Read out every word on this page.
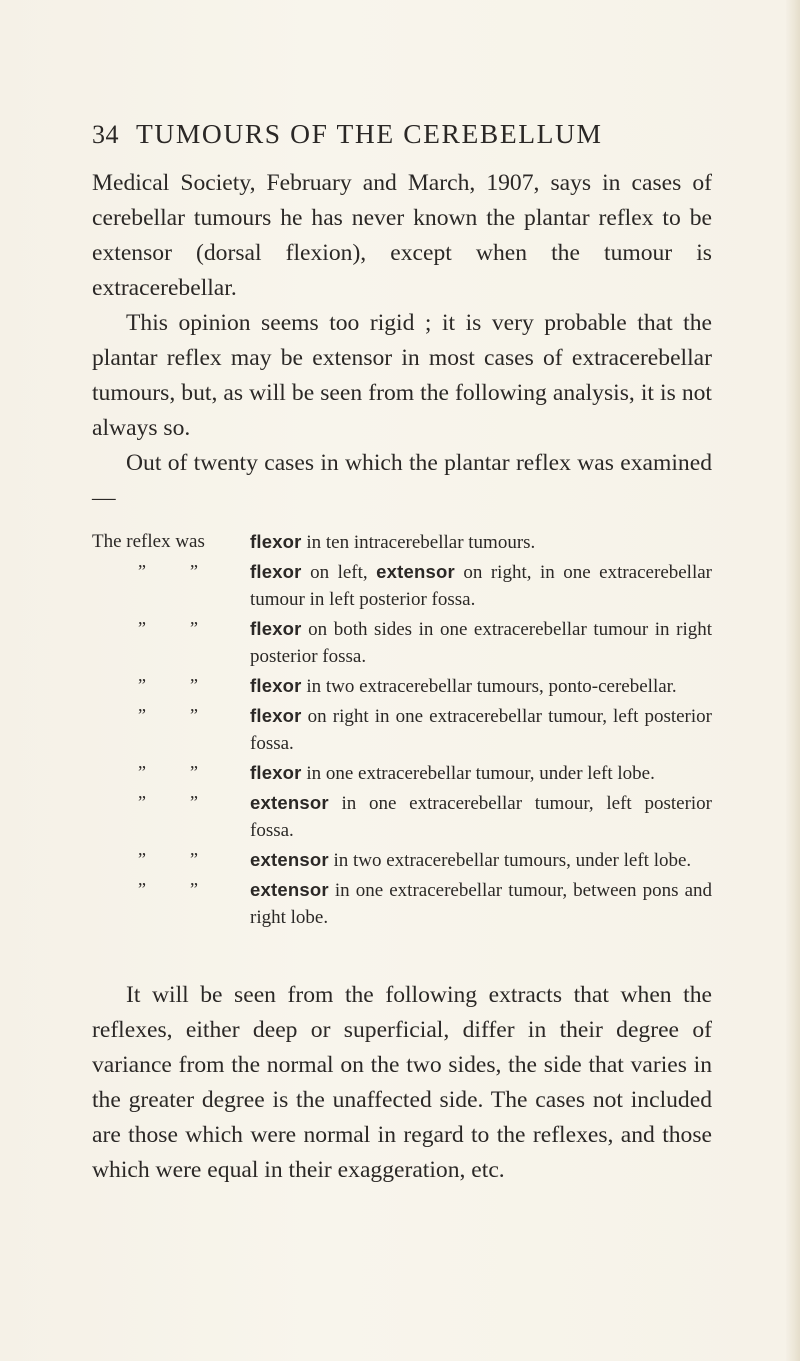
34 TUMOURS OF THE CEREBELLUM

Medical Society, February and March, 1907, says in cases of cerebellar tumours he has never known the plantar reflex to be extensor (dorsal flexion), except when the tumour is extracerebellar.

This opinion seems too rigid ; it is very probable that the plantar reflex may be extensor in most cases of extracerebellar tumours, but, as will be seen from the following analysis, it is not always so.

Out of twenty cases in which the plantar reflex was examined—

The reflex was	flexor in ten intracerebellar tumours.
”	”	flexor on left, extensor on right, in one extracerebellar tumour in left posterior fossa.
”	”	flexor on both sides in one extracerebellar tumour in right posterior fossa.
”	”	flexor in two extracerebellar tumours, ponto-cerebellar.
”	”	flexor on right in one extracerebellar tumour, left posterior fossa.
”	”	flexor in one extracerebellar tumour, under left lobe.
”	”	extensor in one extracerebellar tumour, left posterior fossa.
”	”	extensor in two extracerebellar tumours, under left lobe.
”	”	extensor in one extracerebellar tumour, between pons and right lobe.

It will be seen from the following extracts that when the reflexes, either deep or superficial, differ in their degree of variance from the normal on the two sides, the side that varies in the greater degree is the unaffected side. The cases not included are those which were normal in regard to the reflexes, and those which were equal in their exaggeration, etc.
